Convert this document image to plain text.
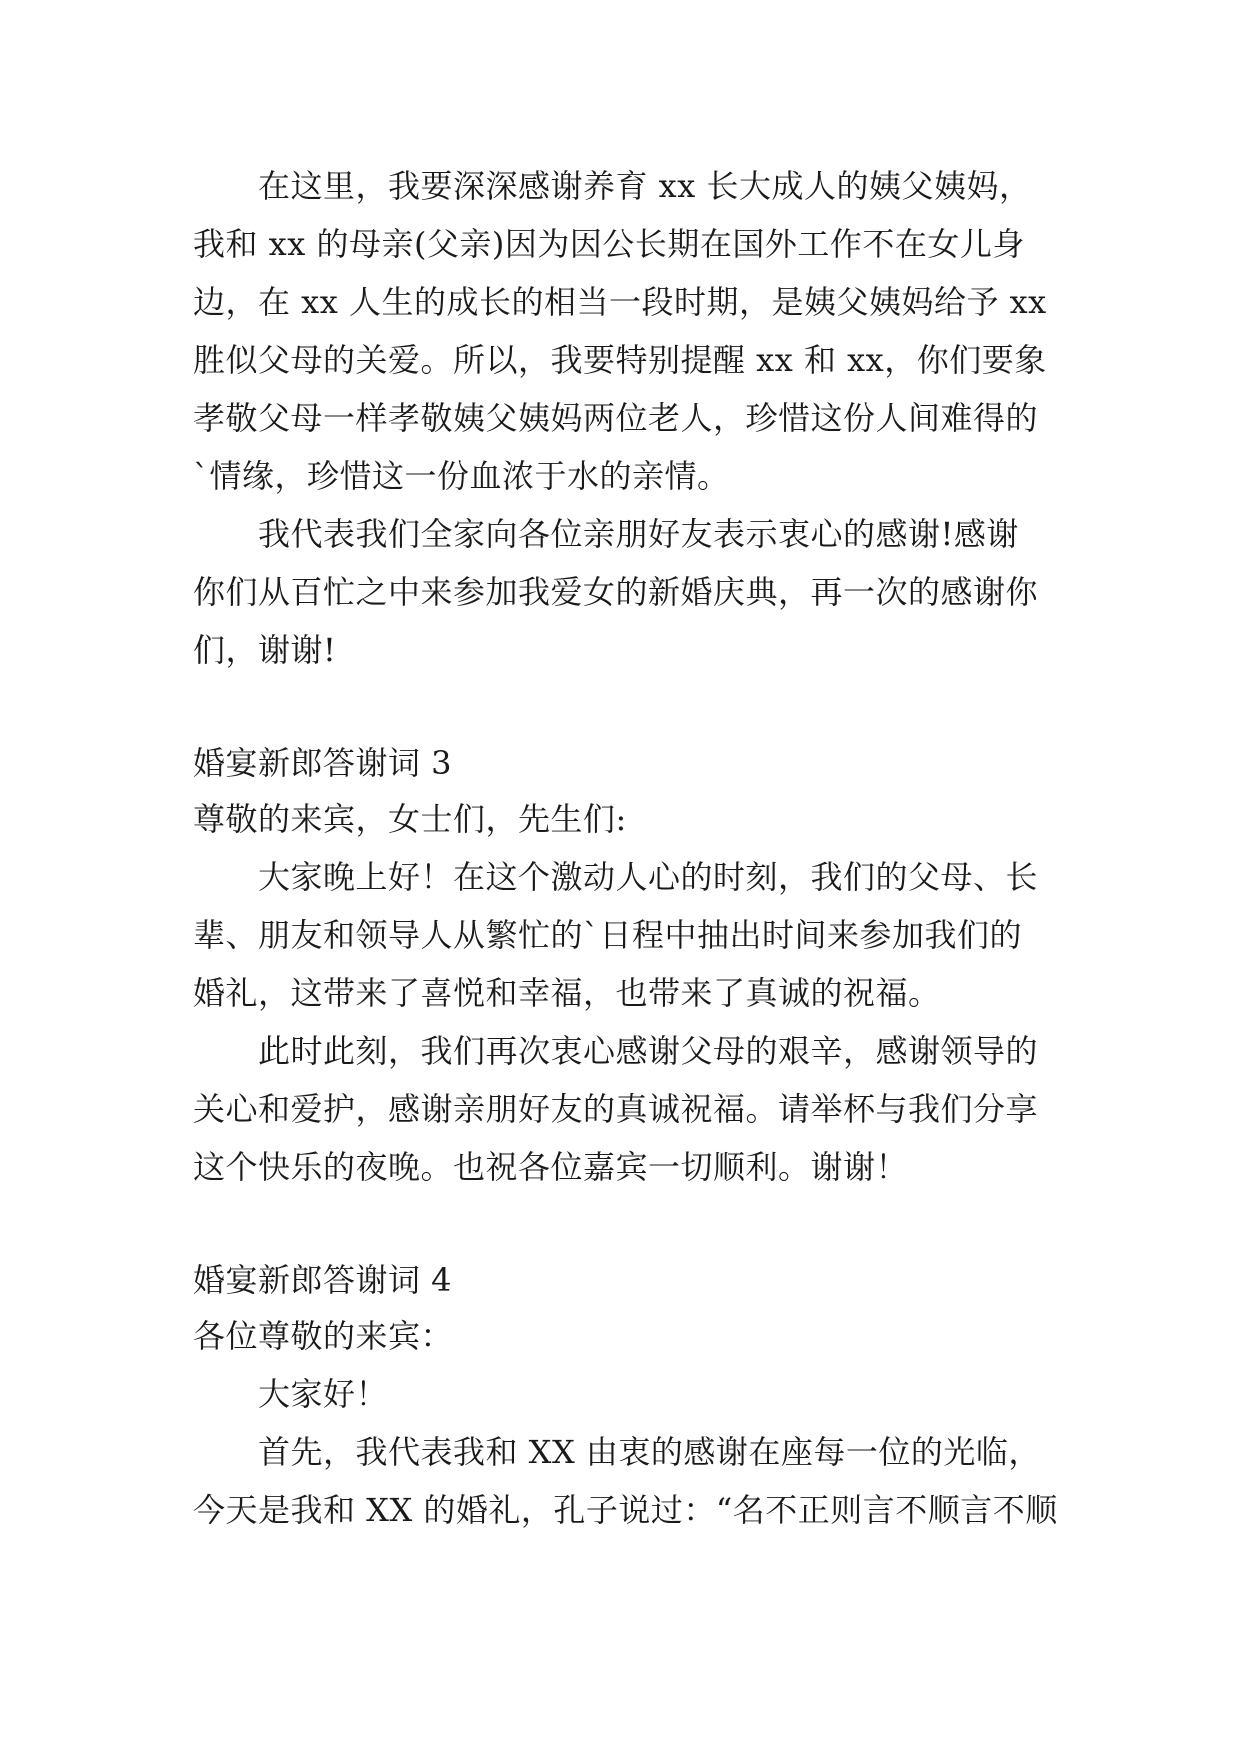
在这里，我要深深感谢养育 xx 长大成人的姨父姨妈，
我和 xx 的母亲(父亲)因为因公长期在国外工作不在女儿身
边，在 xx 人生的成长的相当一段时期，是姨父姨妈给予 xx
胜似父母的关爱。所以，我要特别提醒 xx 和 xx，你们要象
孝敬父母一样孝敬姨父姨妈两位老人，珍惜这份人间难得的
`情缘，珍惜这一份血浓于水的亲情。
我代表我们全家向各位亲朋好友表示衷心的感谢!感谢
你们从百忙之中来参加我爱女的新婚庆典，再一次的感谢你
们，谢谢!
婚宴新郎答谢词 3
尊敬的来宾，女士们，先生们:
大家晚上好！在这个激动人心的时刻，我们的父母、长
辈、朋友和领导人从繁忙的`日程中抽出时间来参加我们的
婚礼，这带来了喜悦和幸福，也带来了真诚的祝福。
此时此刻，我们再次衷心感谢父母的艰辛，感谢领导的
关心和爱护，感谢亲朋好友的真诚祝福。请举杯与我们分享
这个快乐的夜晚。也祝各位嘉宾一切顺利。谢谢！
婚宴新郎答谢词 4
各位尊敬的来宾：
大家好！
首先，我代表我和 XX 由衷的感谢在座每一位的光临，
今天是我和 XX 的婚礼，孔子说过：“名不正则言不顺言不顺
